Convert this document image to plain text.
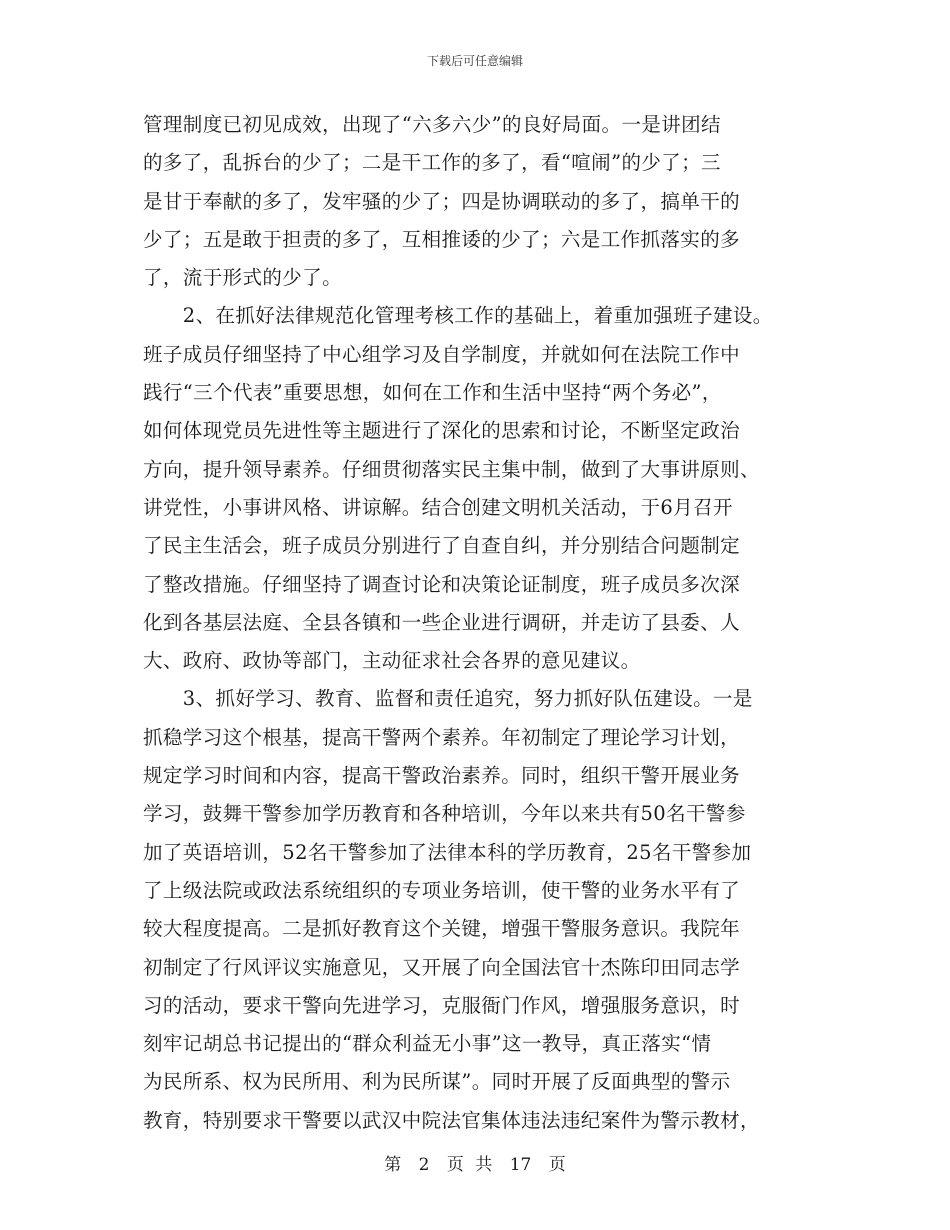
下载后可任意编辑
管理制度已初见成效，出现了“六多六少”的良好局面。一是讲团结
的多了，乱拆台的少了；二是干工作的多了，看“喧闹”的少了；三
是甘于奉献的多了，发牢骚的少了；四是协调联动的多了，搞单干的
少了；五是敢于担责的多了，互相推诿的少了；六是工作抓落实的多
了，流于形式的少了。
　　2、在抓好法律规范化管理考核工作的基础上，着重加强班子建设。
班子成员仔细坚持了中心组学习及自学制度，并就如何在法院工作中
践行“三个代表”重要思想，如何在工作和生活中坚持“两个务必”，
如何体现党员先进性等主题进行了深化的思索和讨论，不断坚定政治
方向，提升领导素养。仔细贯彻落实民主集中制，做到了大事讲原则、
讲党性，小事讲风格、讲谅解。结合创建文明机关活动，于6月召开
了民主生活会，班子成员分别进行了自查自纠，并分别结合问题制定
了整改措施。仔细坚持了调查讨论和决策论证制度，班子成员多次深
化到各基层法庭、全县各镇和一些企业进行调研，并走访了县委、人
大、政府、政协等部门，主动征求社会各界的意见建议。
　　3、抓好学习、教育、监督和责任追究，努力抓好队伍建设。一是
抓稳学习这个根基，提高干警两个素养。年初制定了理论学习计划，
规定学习时间和内容，提高干警政治素养。同时，组织干警开展业务
学习，鼓舞干警参加学历教育和各种培训，今年以来共有50名干警参
加了英语培训，52名干警参加了法律本科的学历教育，25名干警参加
了上级法院或政法系统组织的专项业务培训，使干警的业务水平有了
较大程度提高。二是抓好教育这个关键，增强干警服务意识。我院年
初制定了行风评议实施意见，又开展了向全国法官十杰陈印田同志学
习的活动，要求干警向先进学习，克服衙门作风，增强服务意识，时
刻牢记胡总书记提出的“群众利益无小事”这一教导，真正落实“情
为民所系、权为民所用、利为民所谋”。同时开展了反面典型的警示
教育，特别要求干警要以武汉中院法官集体违法违纪案件为警示教材，
第 2 页 共 17 页
